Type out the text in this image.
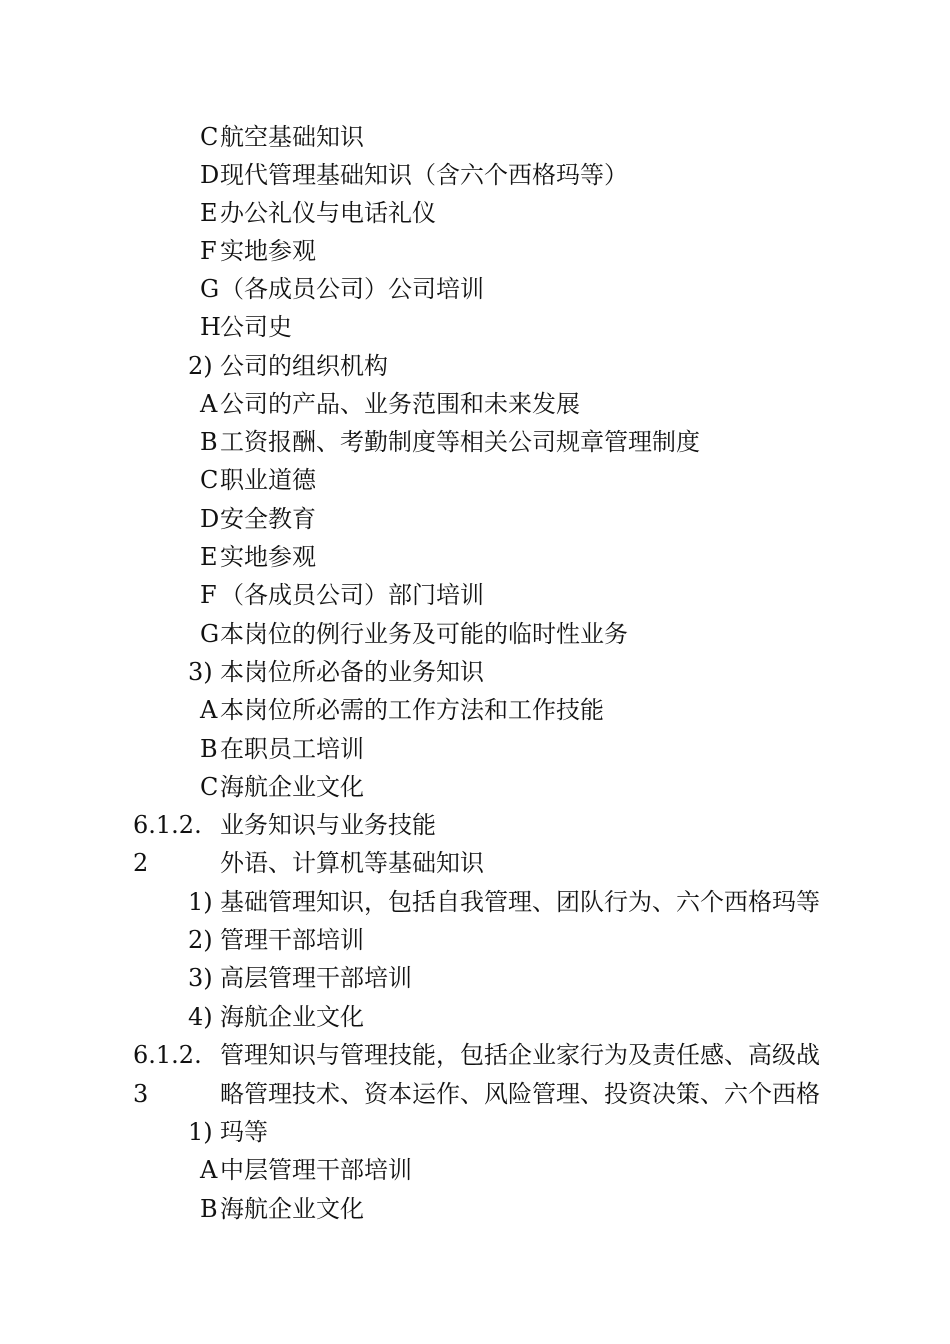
C 航空基础知识
D 现代管理基础知识（含六个西格玛等）
E 办公礼仪与电话礼仪
F 实地参观
G （各成员公司）公司培训
H 公司史
2) 公司的组织机构
A 公司的产品、业务范围和未来发展
B 工资报酬、考勤制度等相关公司规章管理制度
C 职业道德
D 安全教育
E 实地参观
F （各成员公司）部门培训
G 本岗位的例行业务及可能的临时性业务
3) 本岗位所必备的业务知识
A 本岗位所必需的工作方法和工作技能
B 在职员工培训
C 海航企业文化
6.1.2. 业务知识与业务技能
2	外语、计算机等基础知识
1) 基础管理知识，包括自我管理、团队行为、六个西格玛等
2) 管理干部培训
3) 高层管理干部培训
4) 海航企业文化
6.1.2. 管理知识与管理技能，包括企业家行为及责任感、高级战
3	略管理技术、资本运作、风险管理、投资决策、六个西格
1) 玛等
A 中层管理干部培训
B 海航企业文化
